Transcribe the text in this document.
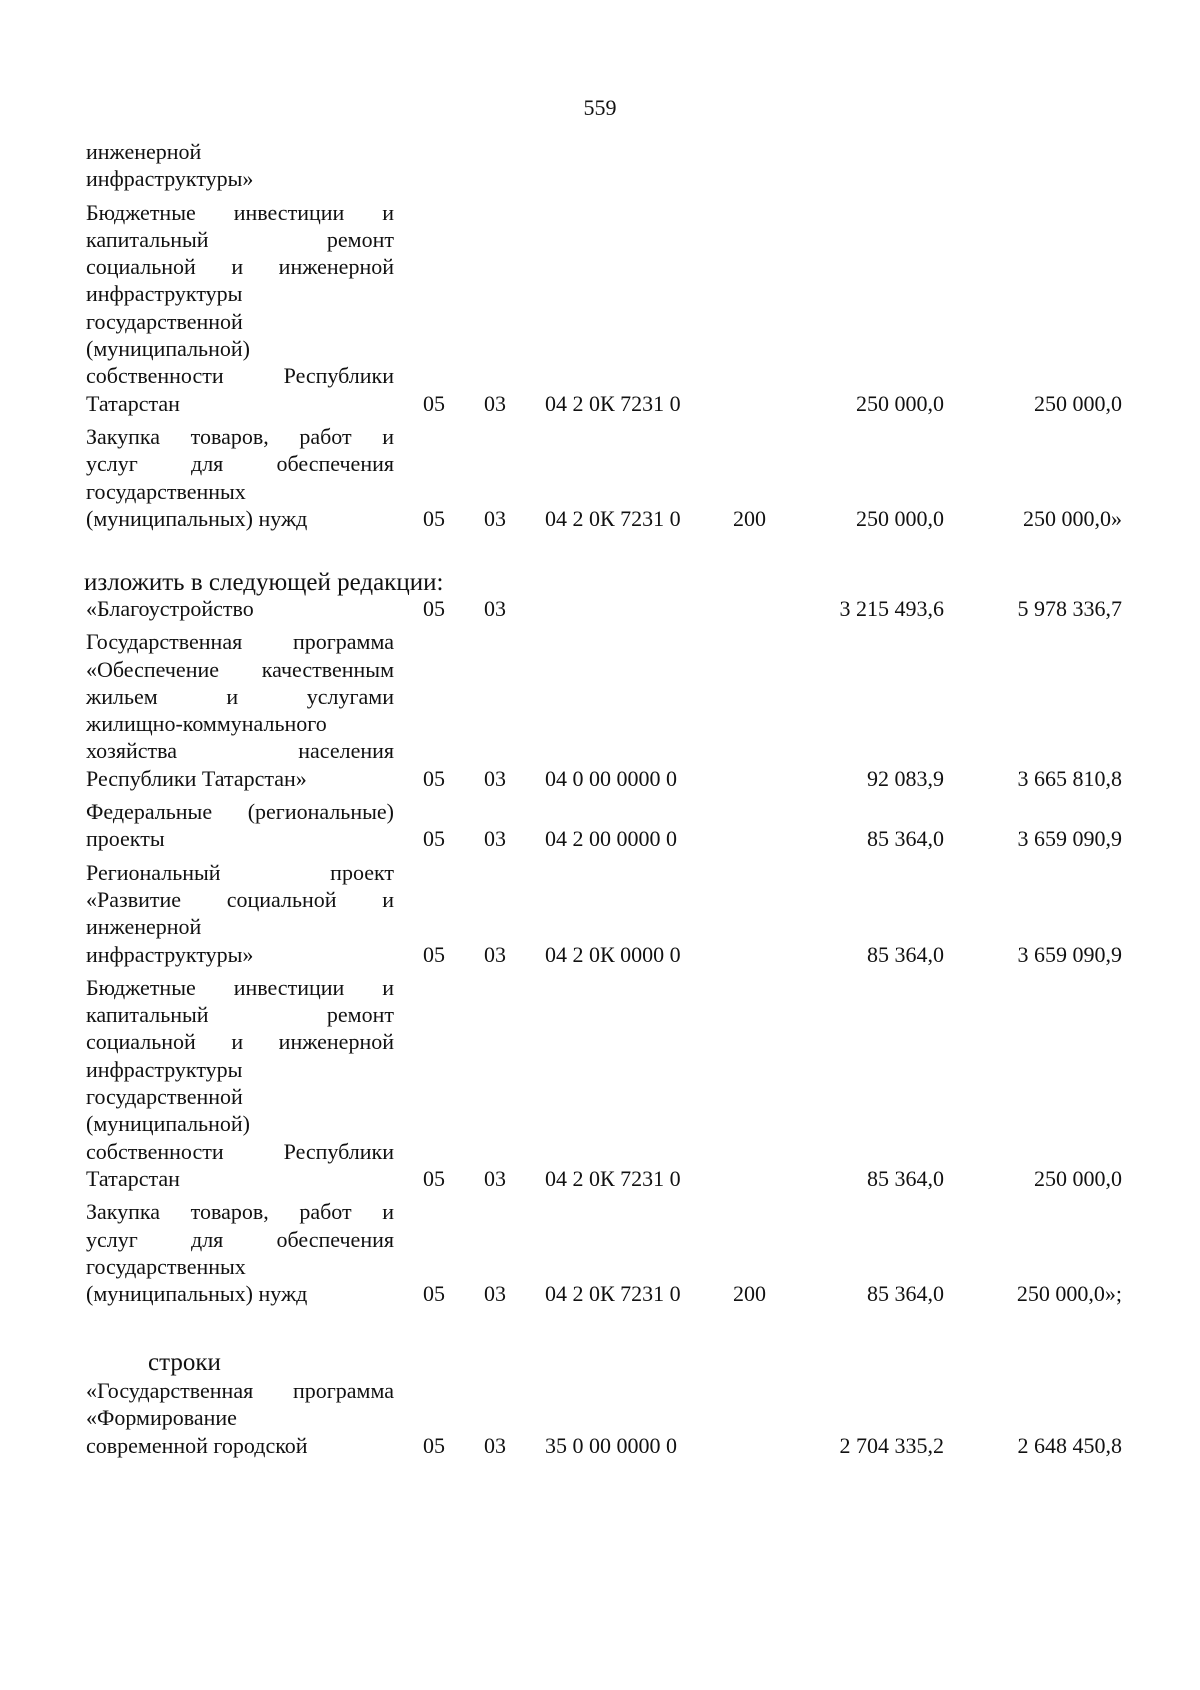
559
инженерной
инфраструктуры»
Бюджетные инвестиции и
капитальный ремонт
социальной и инженерной
инфраструктуры
государственной
(муниципальной)
собственности Республики
Татарстан	05 03 04 2 0К 7231 0	250 000,0	250 000,0
Закупка товаров, работ и
услуг для обеспечения
государственных
(муниципальных) нужд	05 03 04 2 0К 7231 0 200	250 000,0	250 000,0»
изложить в следующей редакции:
«Благоустройство	05 03	3 215 493,6	5 978 336,7
Государственная программа
«Обеспечение качественным
жильем и услугами
жилищно-коммунального
хозяйства населения
Республики Татарстан»	05 03 04 0 00 0000 0	92 083,9	3 665 810,8
Федеральные (региональные)
проекты	05 03 04 2 00 0000 0	85 364,0	3 659 090,9
Региональный проект
«Развитие социальной и
инженерной
инфраструктуры»	05 03 04 2 0К 0000 0	85 364,0	3 659 090,9
Бюджетные инвестиции и
капитальный ремонт
социальной и инженерной
инфраструктуры
государственной
(муниципальной)
собственности Республики
Татарстан	05 03 04 2 0К 7231 0	85 364,0	250 000,0
Закупка товаров, работ и
услуг для обеспечения
государственных
(муниципальных) нужд	05 03 04 2 0К 7231 0 200	85 364,0	250 000,0»;
строки
«Государственная программа
«Формирование
современной городской	05 03 35 0 00 0000 0	2 704 335,2	2 648 450,8
